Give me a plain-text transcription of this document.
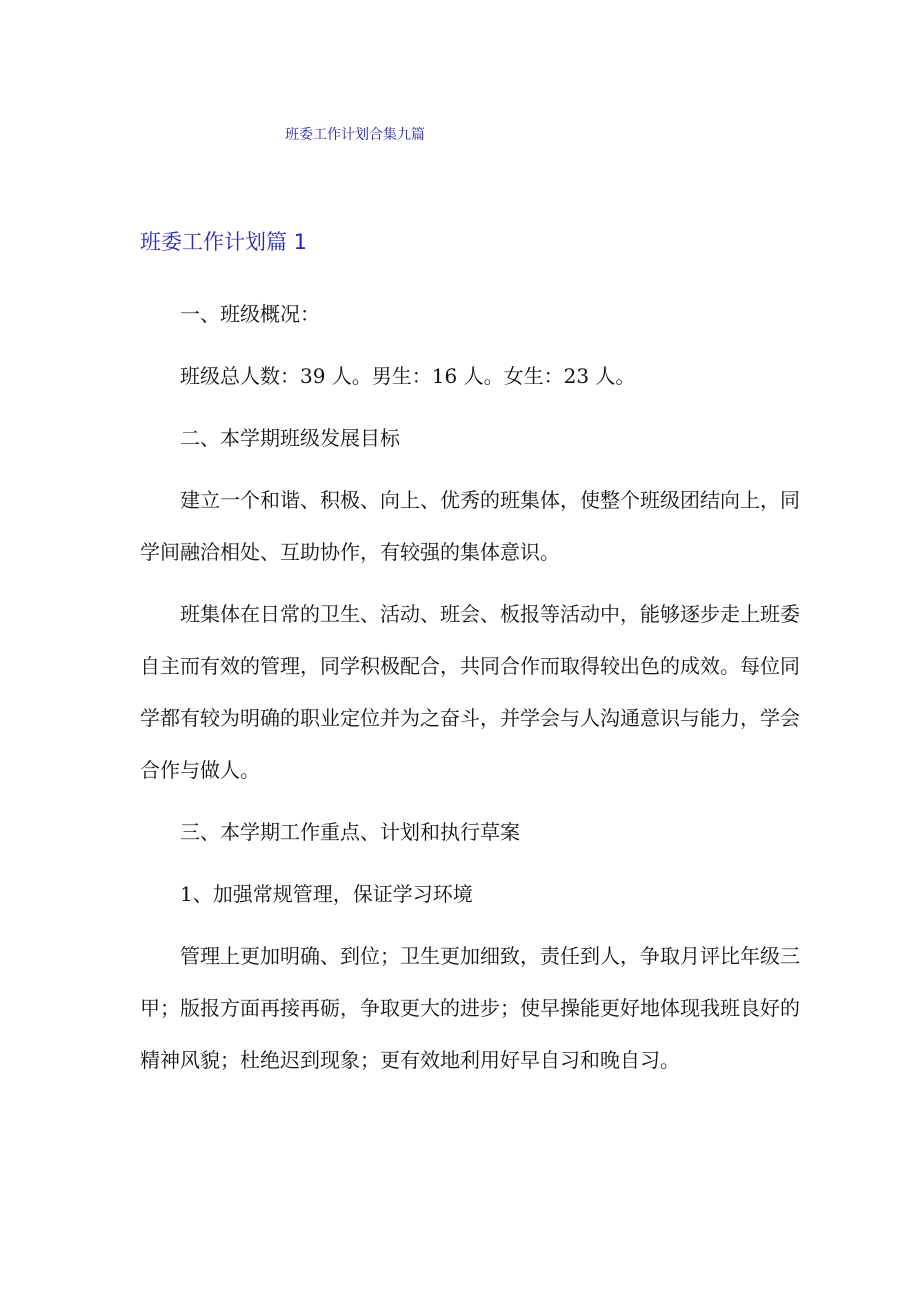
班委工作计划合集九篇
班委工作计划篇 1

一、班级概况：

班级总人数：39 人。男生：16 人。女生：23 人。

二、本学期班级发展目标

建立一个和谐、积极、向上、优秀的班集体，使整个班级团结向上，同学间融洽相处、互助协作，有较强的集体意识。

班集体在日常的卫生、活动、班会、板报等活动中，能够逐步走上班委自主而有效的管理，同学积极配合，共同合作而取得较出色的成效。每位同学都有较为明确的职业定位并为之奋斗，并学会与人沟通意识与能力，学会合作与做人。

三、本学期工作重点、计划和执行草案

1、加强常规管理，保证学习环境

管理上更加明确、到位；卫生更加细致，责任到人，争取月评比年级三甲；版报方面再接再砺，争取更大的进步；使早操能更好地体现我班良好的精神风貌；杜绝迟到现象；更有效地利用好早自习和晚自习。
